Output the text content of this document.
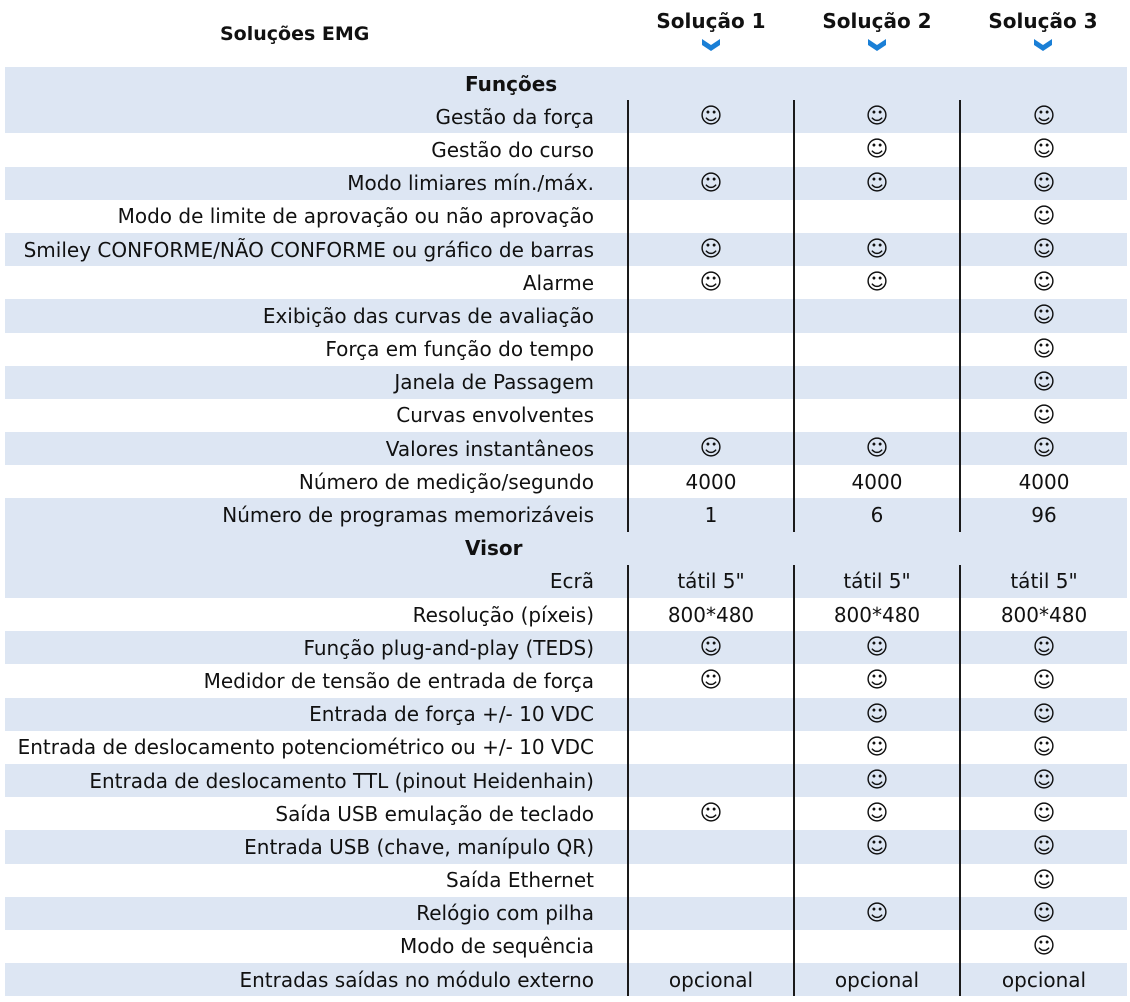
Soluções EMG
Solução 1	Solução 2	Solução 3
Funções			
Gestão da força	☺	☺	☺
Gestão do curso		☺	☺
Modo limiares mín./máx.	☺	☺	☺
Modo de limite de aprovação ou não aprovação			☺
Smiley CONFORME/NÃO CONFORME ou gráfico de barras	☺	☺	☺
Alarme	☺	☺	☺
Exibição das curvas de avaliação			☺
Força em função do tempo			☺
Janela de Passagem			☺
Curvas envolventes			☺
Valores instantâneos	☺	☺	☺
Número de medição/segundo	4000	4000	4000
Número de programas memorizáveis	1	6	96
Visor			
Ecrã	tátil 5"	tátil 5"	tátil 5"
Resolução (píxeis)	800*480	800*480	800*480
Função plug-and-play (TEDS)	☺	☺	☺
Medidor de tensão de entrada de força	☺	☺	☺
Entrada de força +/- 10 VDC		☺	☺
Entrada de deslocamento potenciométrico ou +/- 10 VDC		☺	☺
Entrada de deslocamento TTL (pinout Heidenhain)		☺	☺
Saída USB emulação de teclado	☺	☺	☺
Entrada USB (chave, manípulo QR)		☺	☺
Saída Ethernet			☺
Relógio com pilha		☺	☺
Modo de sequência			☺
Entradas saídas no módulo externo	opcional	opcional	opcional
